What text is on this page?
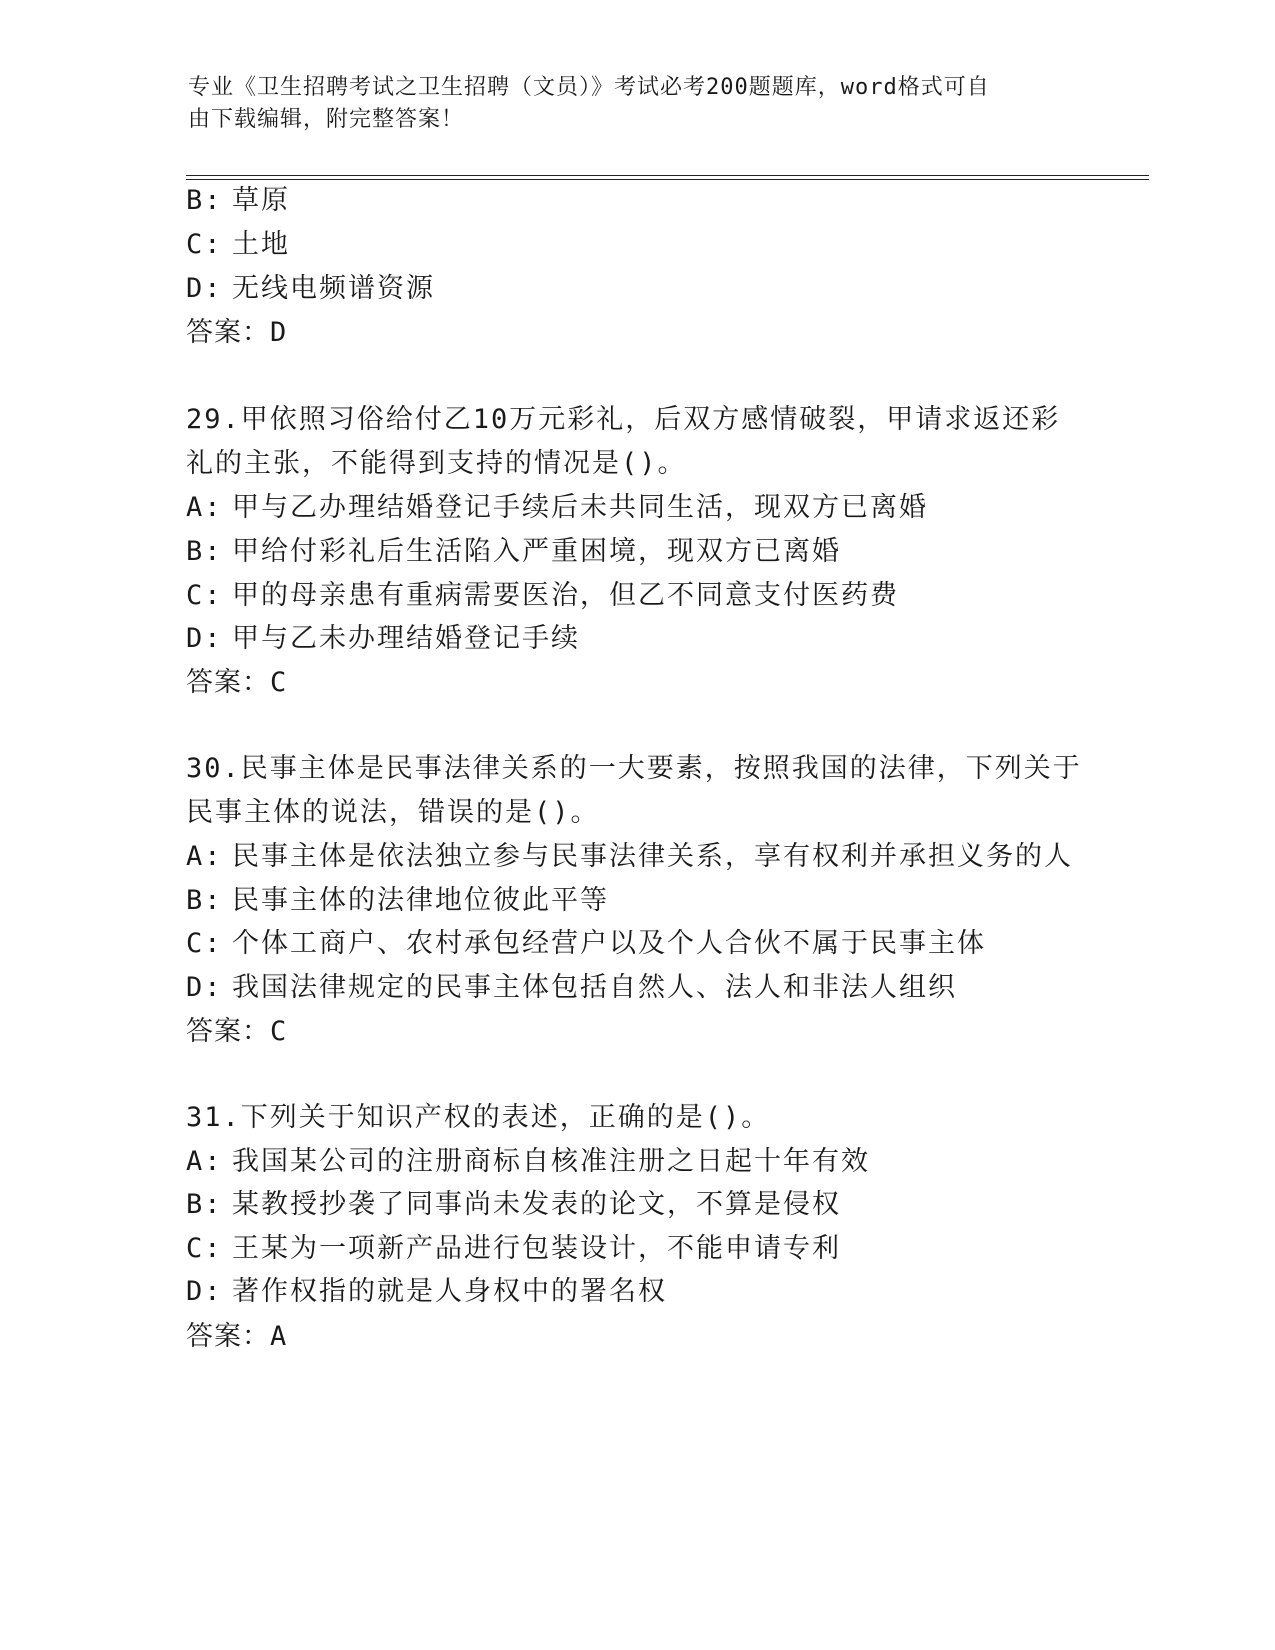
专业《卫生招聘考试之卫生招聘（文员）》考试必考200题题库，word格式可自
由下载编辑，附完整答案！
B: 草原
C: 土地
D: 无线电频谱资源
答案：D
29.甲依照习俗给付乙10万元彩礼，后双方感情破裂，甲请求返还彩
礼的主张，不能得到支持的情况是()。
A: 甲与乙办理结婚登记手续后未共同生活，现双方已离婚
B: 甲给付彩礼后生活陷入严重困境，现双方已离婚
C: 甲的母亲患有重病需要医治，但乙不同意支付医药费
D: 甲与乙未办理结婚登记手续
答案：C
30.民事主体是民事法律关系的一大要素，按照我国的法律，下列关于
民事主体的说法，错误的是()。
A: 民事主体是依法独立参与民事法律关系，享有权利并承担义务的人
B: 民事主体的法律地位彼此平等
C: 个体工商户、农村承包经营户以及个人合伙不属于民事主体
D: 我国法律规定的民事主体包括自然人、法人和非法人组织
答案：C
31.下列关于知识产权的表述，正确的是()。
A: 我国某公司的注册商标自核准注册之日起十年有效
B: 某教授抄袭了同事尚未发表的论文，不算是侵权
C: 王某为一项新产品进行包装设计，不能申请专利
D: 著作权指的就是人身权中的署名权
答案：A
